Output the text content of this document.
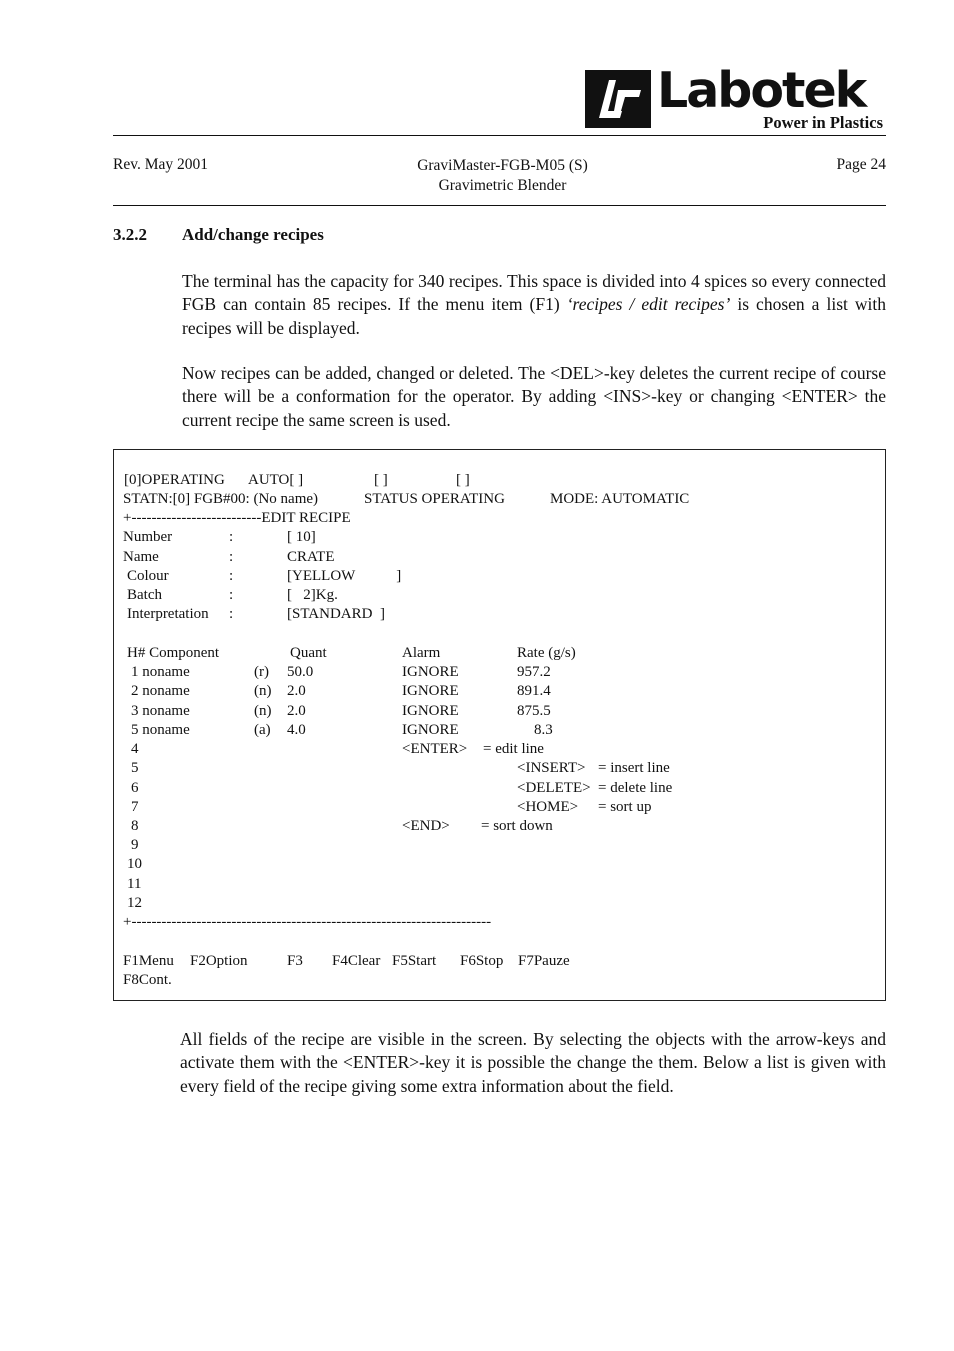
Labotek
Power in Plastics
Rev. May 2001	GraviMaster-FGB-M05 (S)
Gravimetric Blender
Page 24
3.2.2 Add/change recipes

The terminal has the capacity for 340 recipes. This space is divided into 4 spices so every connected FGB can contain 85 recipes. If the menu item (F1) ‘recipes / edit recipes’ is chosen a list with recipes will be displayed.

Now recipes can be added, changed or deleted. The <DEL>-key deletes the current recipe of course there will be a conformation for the operator. By adding <INS>-key or changing <ENTER> the current recipe the same screen is used.

[0]OPERATING AUTO[ ]	[ ]	[ ]
STATN:[0] FGB#00: (No name)	STATUS OPERATING	MODE: AUTOMATIC
+--------------------------EDIT RECIPE
Number	:	[ 10]
Name	:	CRATE
Colour	:	[YELLOW           ]
Batch	:	[   2]Kg.
Interpretation :	[STANDARD  ]
H# Component	Quant	Alarm	Rate (g/s)
1 noname	(r) 50.0	IGNORE	957.2
2 noname	(n) 2.0	IGNORE	891.4
3 noname	(n) 2.0	IGNORE	875.5
5 noname	(a) 4.0	IGNORE	8.3
4
5
6
7
8
9
10
11
12
<ENTER> = edit line
<INSERT> = insert line
<DELETE> = delete line
<HOME> = sort up
<END> = sort down
+------------------------------------------------------------------------
F1Menu F2Option	F3 F4Clear F5Start F6Stop F7Pauze
F8Cont.

All fields of the recipe are visible in the screen. By selecting the objects with the arrow-keys and activate them with the <ENTER>-key it is possible the change the them. Below a list is given with every field of the recipe giving some extra information about the field.
